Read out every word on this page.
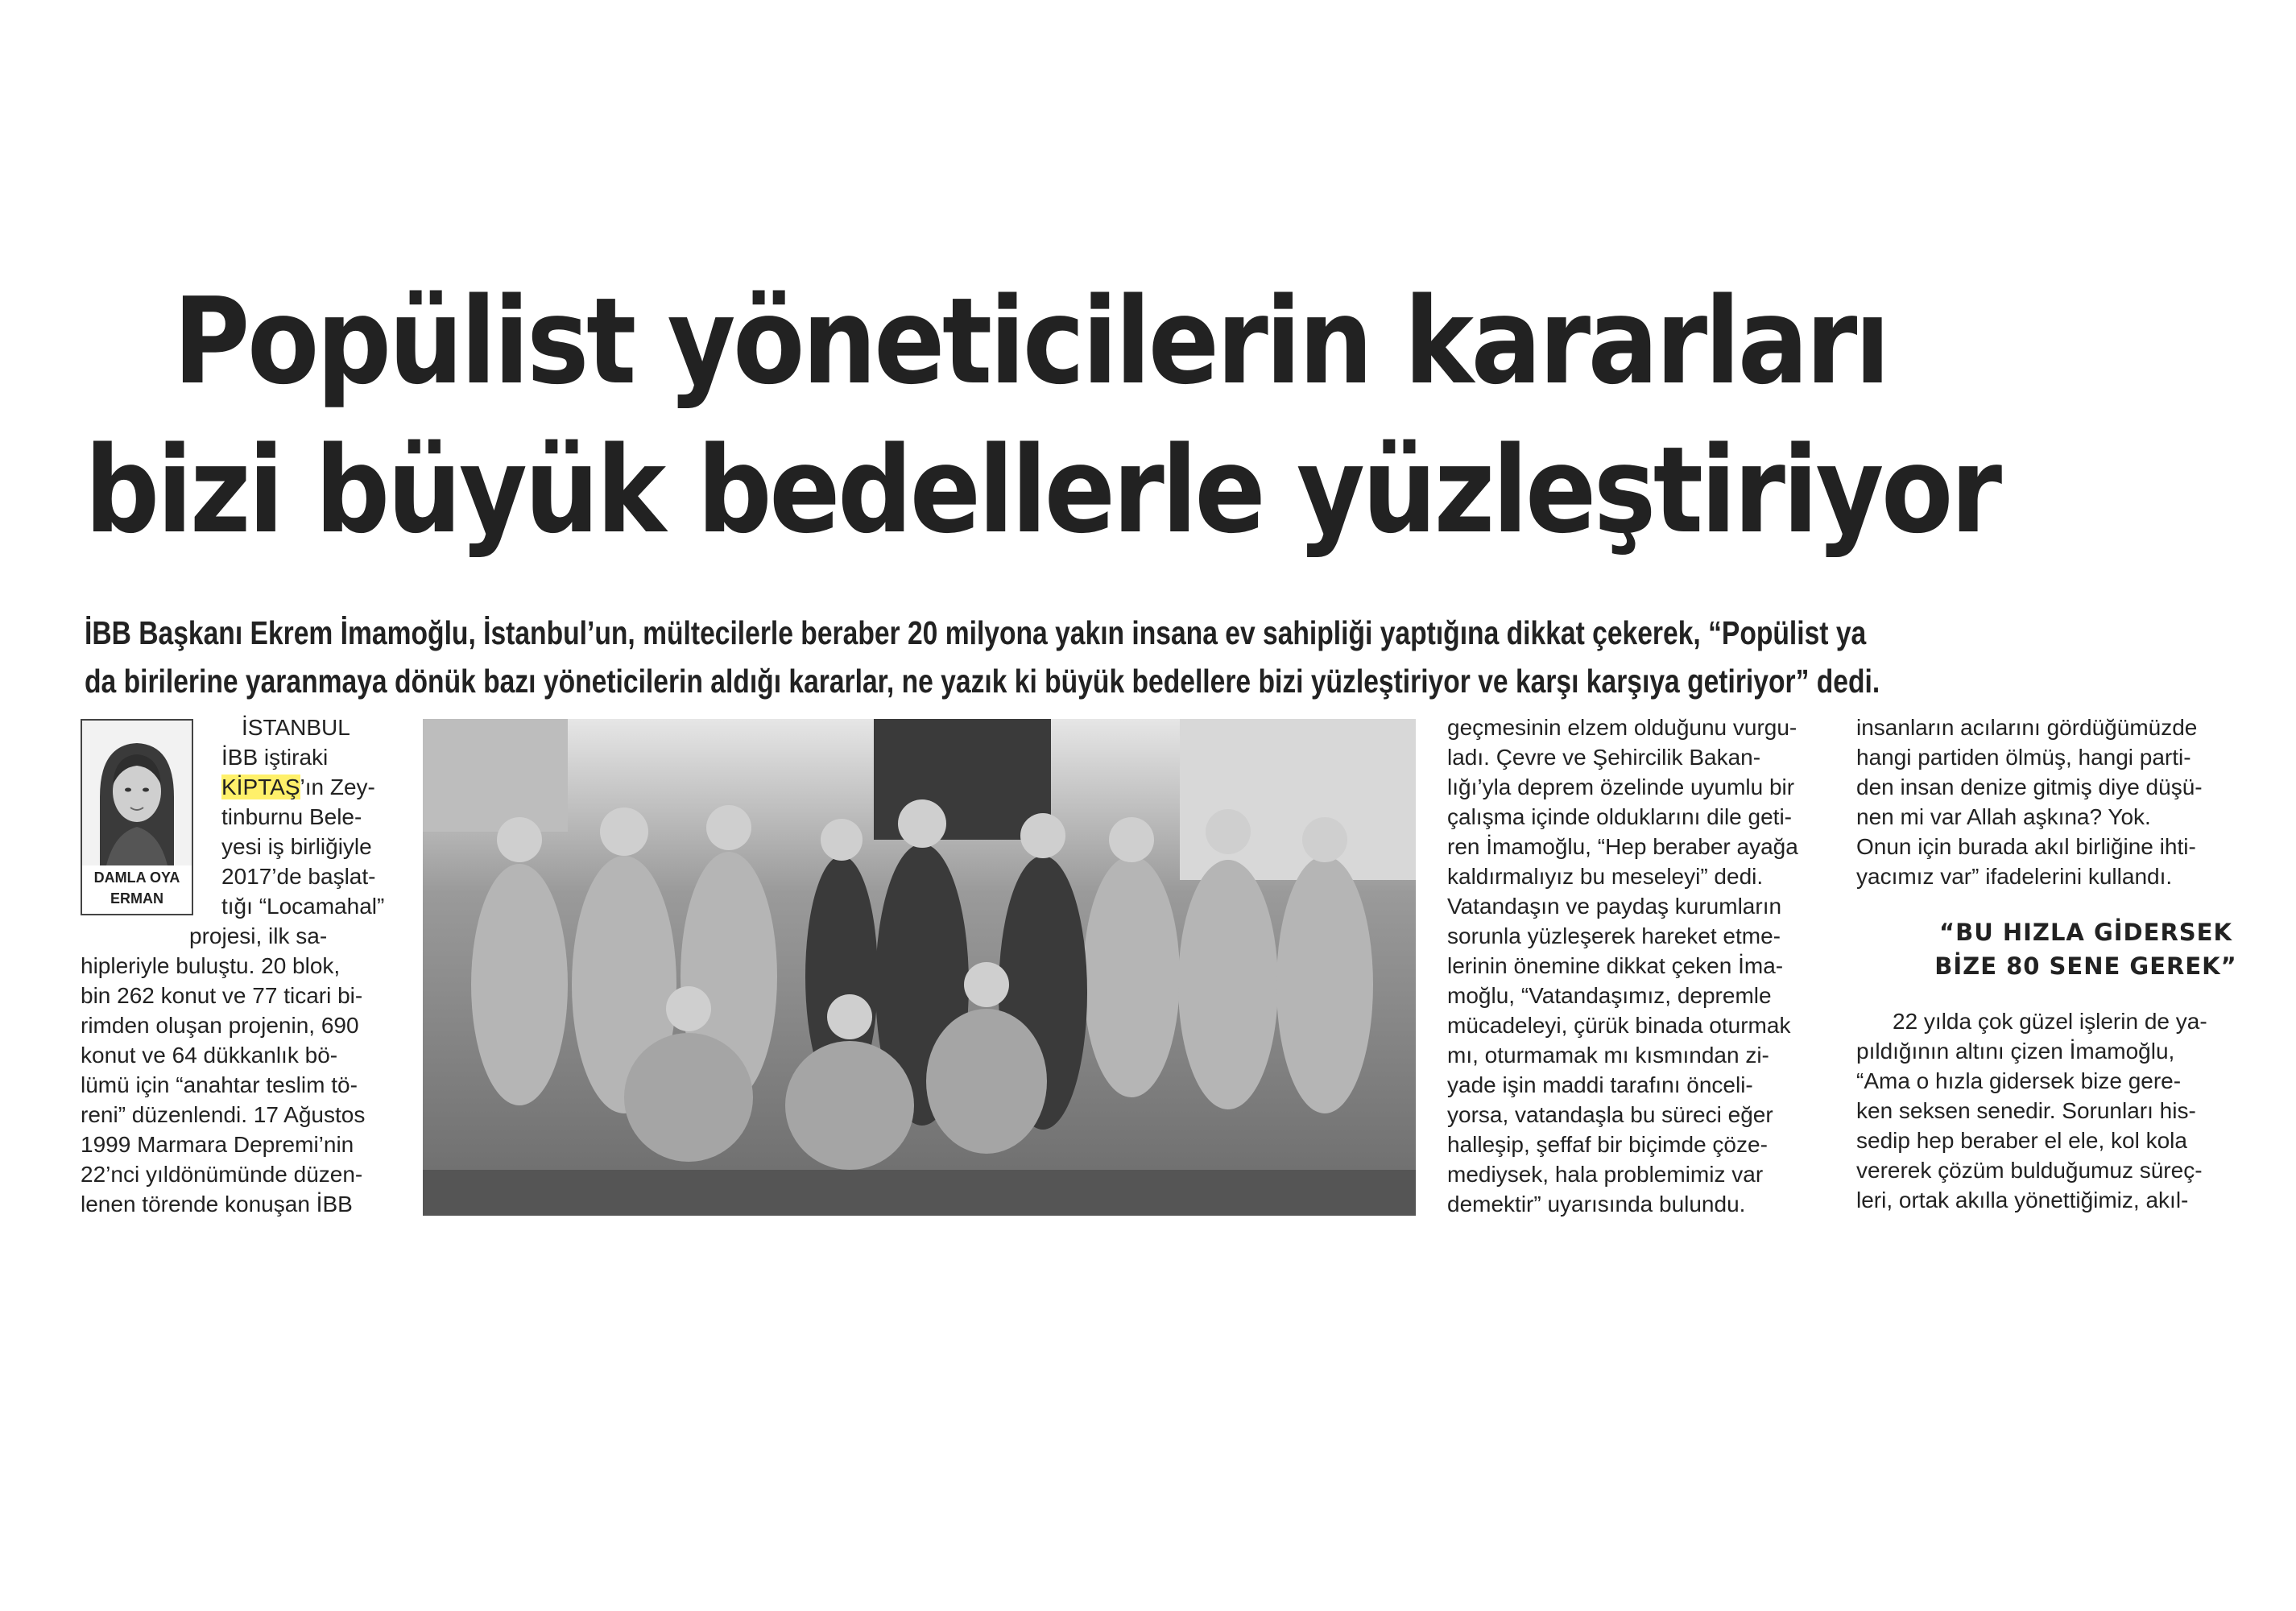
Popülist yöneticilerin kararları
bizi büyük bedellerle yüzleştiriyor

İBB Başkanı Ekrem İmamoğlu, İstanbul’un, mültecilerle beraber 20 milyona yakın insana ev sahipliği yaptığına dikkat çekerek, “Popülist ya

da birilerine yaranmaya dönük bazı yöneticilerin aldığı kararlar, ne yazık ki büyük bedellere bizi yüzleştiriyor ve karşı karşıya getiriyor” dedi.

DAMLA OYA
ERMAN

İSTANBUL

İBB iştiraki

KİPTAŞ’ın Zey-

tinburnu Bele-

yesi iş birliğiyle

2017’de başlat-

tığı “Locamahal”

projesi, ilk sa-

hipleriyle buluştu. 20 blok,

bin 262 konut ve 77 ticari bi-

rimden oluşan projenin, 690

konut ve 64 dükkanlık bö-

lümü için “anahtar teslim tö-

reni” düzenlendi. 17 Ağustos

1999 Marmara Depremi’nin

22’nci yıldönümünde düzen-

lenen törende konuşan İBB

geçmesinin elzem olduğunu vurgu-

ladı. Çevre ve Şehircilik Bakan-

lığı’yla deprem özelinde uyumlu bir

çalışma içinde olduklarını dile geti-

ren İmamoğlu, “Hep beraber ayağa

kaldırmalıyız bu meseleyi” dedi.

Vatandaşın ve paydaş kurumların

sorunla yüzleşerek hareket etme-

lerinin önemine dikkat çeken İma-

moğlu, “Vatandaşımız, depremle

mücadeleyi, çürük binada oturmak

mı, oturmamak mı kısmından zi-

yade işin maddi tarafını önceli-

yorsa, vatandaşla bu süreci eğer

halleşip, şeffaf bir biçimde çöze-

mediysek, hala problemimiz var

demektir” uyarısında bulundu.

insanların acılarını gördüğümüzde

hangi partiden ölmüş, hangi parti-

den insan denize gitmiş diye düşü-

nen mi var Allah aşkına? Yok.

Onun için burada akıl birliğine ihti-

yacımız var” ifadelerini kullandı.

“BU HIZLA GİDERSEK
BİZE 80 SENE GEREK”

22 yılda çok güzel işlerin de ya-

pıldığının altını çizen İmamoğlu,

“Ama o hızla gidersek bize gere-

ken seksen senedir. Sorunları his-

sedip hep beraber el ele, kol kola

vererek çözüm bulduğumuz süreç-

leri, ortak akılla yönettiğimiz, akıl-
